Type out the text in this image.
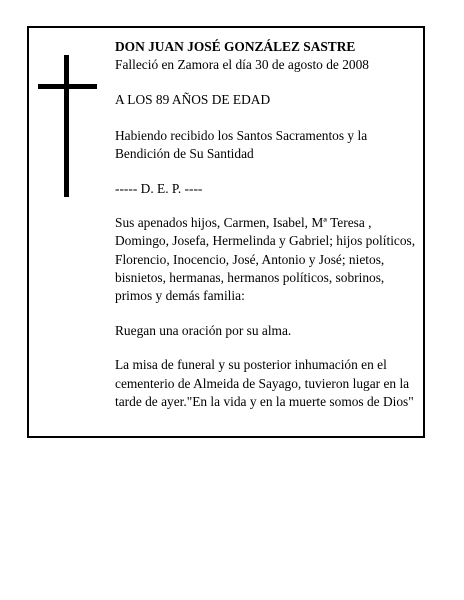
DON JUAN JOSÉ GONZÁLEZ SASTRE

Falleció en Zamora el día 30 de agosto de 2008

A LOS 89 AÑOS DE EDAD

Habiendo recibido los Santos Sacramentos y la

Bendición de Su Santidad

----- D. E. P. ----

Sus apenados hijos, Carmen, Isabel, Mª Teresa ,

Domingo, Josefa, Hermelinda y Gabriel; hijos políticos,

Florencio, Inocencio, José, Antonio y José; nietos,

bisnietos, hermanas, hermanos políticos, sobrinos,

primos y demás familia:

Ruegan una oración por su alma.

La misa de funeral y su posterior inhumación en el

cementerio de Almeida de Sayago, tuvieron lugar en la

tarde de ayer."En la vida y en la muerte somos de Dios"
